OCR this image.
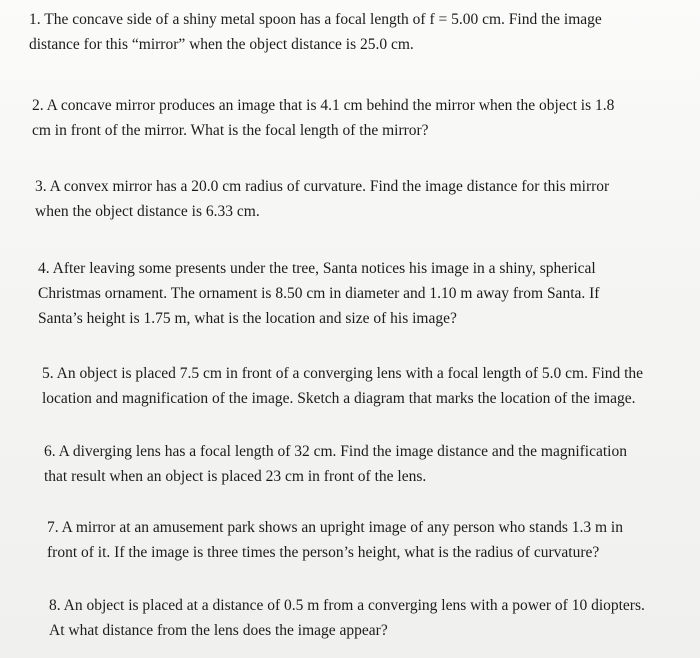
1. The concave side of a shiny metal spoon has a focal length of f = 5.00 cm. Find the image
distance for this “mirror” when the object distance is 25.0 cm.
2. A concave mirror produces an image that is 4.1 cm behind the mirror when the object is 1.8
cm in front of the mirror. What is the focal length of the mirror?
3. A convex mirror has a 20.0 cm radius of curvature. Find the image distance for this mirror
when the object distance is 6.33 cm.
4. After leaving some presents under the tree, Santa notices his image in a shiny, spherical
Christmas ornament. The ornament is 8.50 cm in diameter and 1.10 m away from Santa. If
Santa’s height is 1.75 m, what is the location and size of his image?
5. An object is placed 7.5 cm in front of a converging lens with a focal length of 5.0 cm. Find the
location and magnification of the image. Sketch a diagram that marks the location of the image.
6. A diverging lens has a focal length of 32 cm. Find the image distance and the magnification
that result when an object is placed 23 cm in front of the lens.
7. A mirror at an amusement park shows an upright image of any person who stands 1.3 m in
front of it. If the image is three times the person’s height, what is the radius of curvature?
8. An object is placed at a distance of 0.5 m from a converging lens with a power of 10 diopters.
At what distance from the lens does the image appear?
